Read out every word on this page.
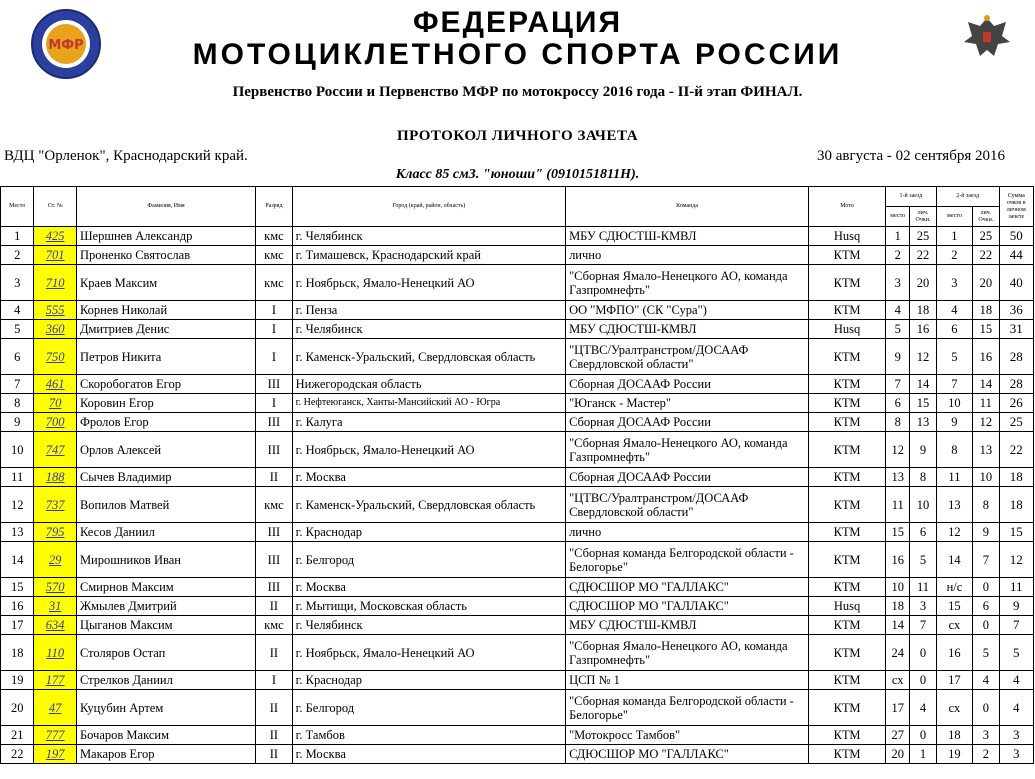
МФР
ФЕДЕРАЦИЯ
МОТОЦИКЛЕТНОГО СПОРТА РОССИИ
Первенство России и Первенство МФР по мотокроссу 2016 года - II-й этап ФИНАЛ.
ПРОТОКОЛ ЛИЧНОГО ЗАЧЕТА
ВДЦ "Орленок", Краснодарский край.	30 августа - 02 сентября 2016
Класс 85 смЗ. "юноши" (0910151811Н).
Место	Ст. №	Фамилия, Имя	Разряд	Город (край, район, область)	Команда	Мото	1-й заезд		2-й заезд		Сумма очков в личном зачете
							место	лич. Очки.	место	лич. Очки.	
1	425	Шершнев Александр	кмс	г. Челябинск	МБУ СДЮСТШ-КМВЛ	Husq	1	25	1	25	50
2	701	Проненко Святослав	кмс	г. Тимашевск, Краснодарский край	лично	КТМ	2	22	2	22	44
3	710	Краев Максим	кмс	г. Ноябрьск, Ямало-Ненецкий АО	"Сборная Ямало-Ненецкого АО, команда Газпромнефть"	КТМ	3	20	3	20	40
4	555	Корнев Николай	I	г. Пенза	ОО "МФПО" (СК "Сура")	КТМ	4	18	4	18	36
5	360	Дмитриев Денис	I	г. Челябинск	МБУ СДЮСТШ-КМВЛ	Husq	5	16	6	15	31
6	750	Петров Никита	I	г. Каменск-Уральский, Свердловская область	"ЦТВС/Уралтранстром/ДОСААФ Свердловской области"	КТМ	9	12	5	16	28
7	461	Скоробогатов Егор	III	Нижегородская область	Сборная ДОСААФ России	КТМ	7	14	7	14	28
8	70	Коровин Егор	I	г. Нефтеюганск, Ханты-Мансийский АО - Югра	"Юганск - Мастер"	КТМ	6	15	10	11	26
9	700	Фролов Егор	III	г. Калуга	Сборная ДОСААФ России	КТМ	8	13	9	12	25
10	747	Орлов Алексей	III	г. Ноябрьск, Ямало-Ненецкий АО	"Сборная Ямало-Ненецкого АО, команда Газпромнефть"	КТМ	12	9	8	13	22
11	188	Сычев Владимир	II	г. Москва	Сборная ДОСААФ России	КТМ	13	8	11	10	18
12	737	Вопилов Матвей	кмс	г. Каменск-Уральский, Свердловская область	"ЦТВС/Уралтранстром/ДОСААФ Свердловской области"	КТМ	11	10	13	8	18
13	795	Кесов Даниил	III	г. Краснодар	лично	КТМ	15	6	12	9	15
14	29	Мирошников Иван	III	г. Белгород	"Сборная команда Белгородской области - Белогорье"	КТМ	16	5	14	7	12
15	570	Смирнов Максим	III	г. Москва	СДЮСШОР МО "ГАЛЛАКС"	КТМ	10	11	н/с	0	11
16	31	Жмылев Дмитрий	II	г. Мытищи, Московская область	СДЮСШОР МО "ГАЛЛАКС"	Husq	18	3	15	6	9
17	634	Цыганов Максим	кмс	г. Челябинск	МБУ СДЮСТШ-КМВЛ	КТМ	14	7	сх	0	7
18	110	Столяров Остап	II	г. Ноябрьск, Ямало-Ненецкий АО	"Сборная Ямало-Ненецкого АО, команда Газпромнефть"	КТМ	24	0	16	5	5
19	177	Стрелков Даниил	I	г. Краснодар	ЦСП № 1	КТМ	сх	0	17	4	4
20	47	Куцубин Артем	II	г. Белгород	"Сборная команда Белгородской области - Белогорье"	КТМ	17	4	сх	0	4
21	777	Бочаров Максим	II	г. Тамбов	"Мотокросс Тамбов"	КТМ	27	0	18	3	3
22	197	Макаров Егор	II	г. Москва	СДЮСШОР МО "ГАЛЛАКС"	КТМ	20	1	19	2	3
